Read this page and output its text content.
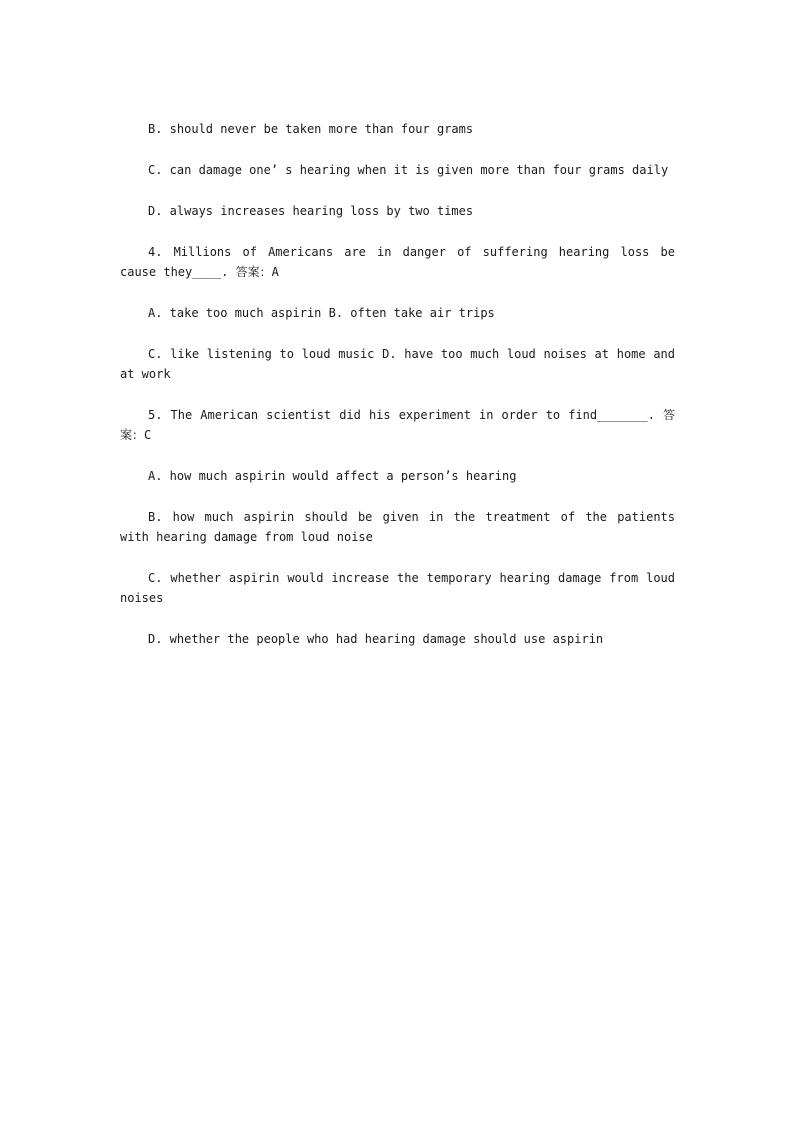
B. should never be taken more than four grams

C. can damage one’ s hearing when it is given more than four grams daily

D. always increases hearing loss by two times

4. Millions of Americans are in danger of suffering hearing loss be cause they____. 答案：A

A. take too much aspirin B. often take air trips

C. like listening to loud music D. have too much loud noises at home and at work

5. The American scientist did his experiment in order to find_______. 答案：C

A. how much aspirin would affect a person’s hearing

B. how much aspirin should be given in the treatment of the patients with hearing damage from loud noise

C. whether aspirin would increase the temporary hearing damage from loud noises

D. whether the people who had hearing damage should use aspirin
